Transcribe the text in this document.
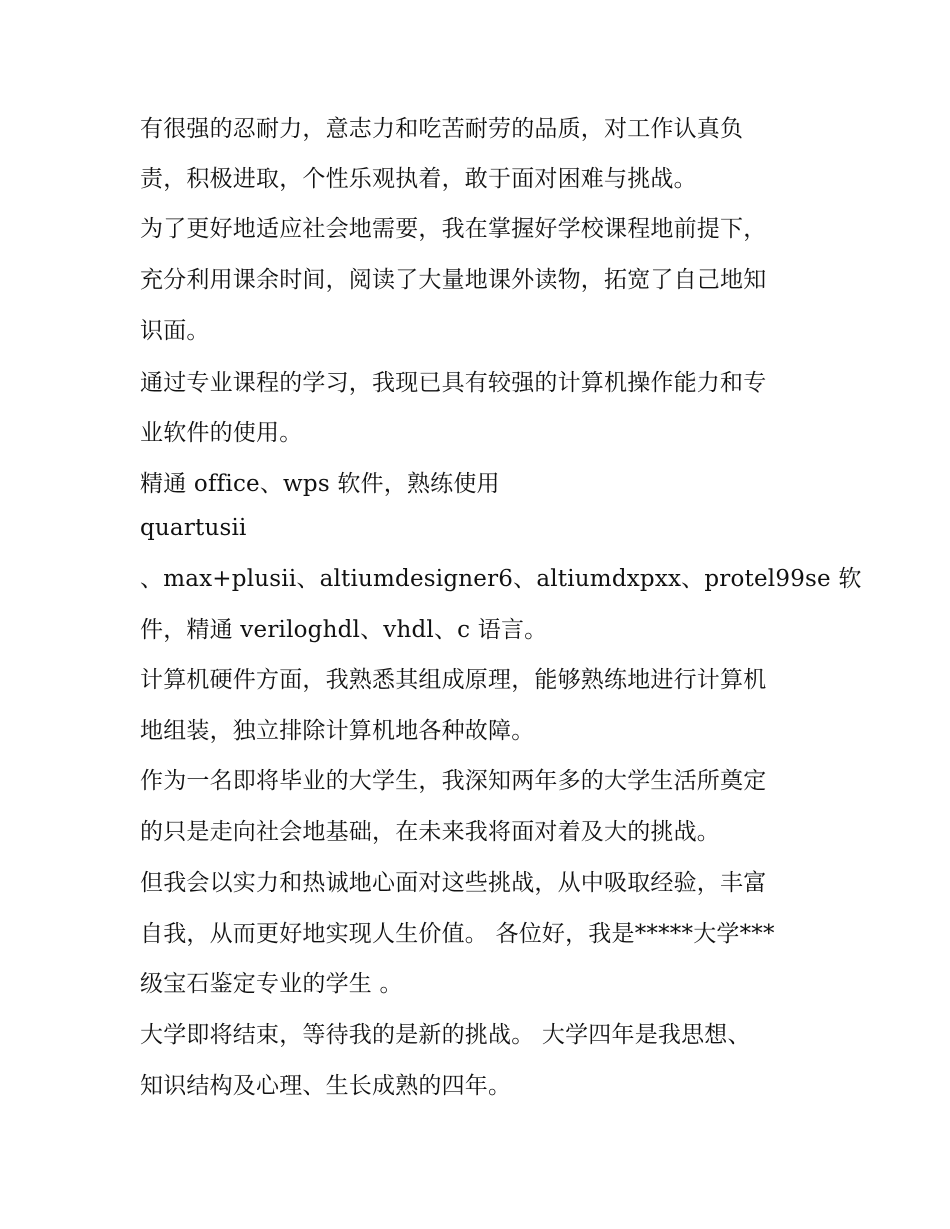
有很强的忍耐力，意志力和吃苦耐劳的品质，对工作认真负
责，积极进取，个性乐观执着，敢于面对困难与挑战。
为了更好地适应社会地需要，我在掌握好学校课程地前提下，
充分利用课余时间，阅读了大量地课外读物，拓宽了自己地知
识面。
通过专业课程的学习，我现已具有较强的计算机操作能力和专
业软件的使用。
精通 office、wps 软件，熟练使用
quartusii
、max+plusii、altiumdesigner6、altiumdxpxx、protel99se 软
件，精通 veriloghdl、vhdl、c 语言。
计算机硬件方面，我熟悉其组成原理，能够熟练地进行计算机
地组装，独立排除计算机地各种故障。
作为一名即将毕业的大学生，我深知两年多的大学生活所奠定
的只是走向社会地基础，在未来我将面对着及大的挑战。
但我会以实力和热诚地心面对这些挑战，从中吸取经验，丰富
自我，从而更好地实现人生价值。 各位好，我是*****大学***
级宝石鉴定专业的学生 。
大学即将结束，等待我的是新的挑战。 大学四年是我思想、
知识结构及心理、生长成熟的四年。
